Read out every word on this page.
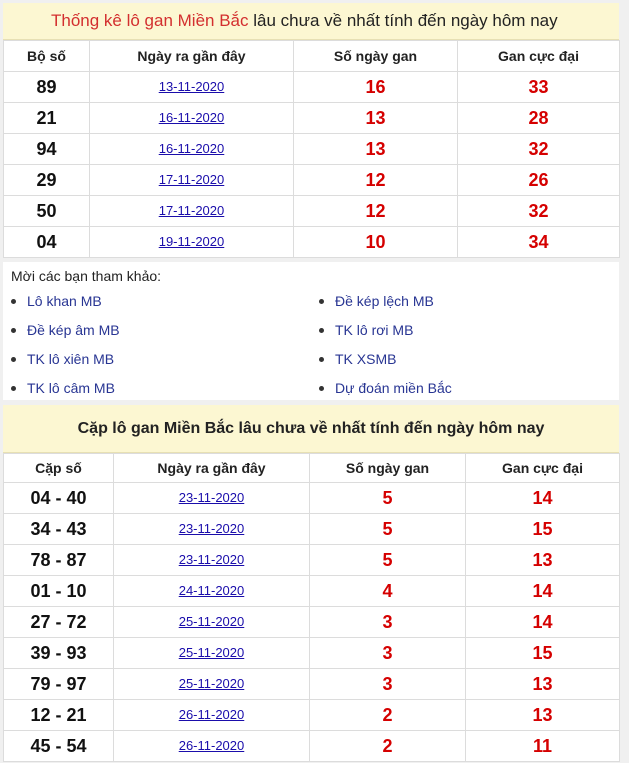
Thống kê lô gan Miền Bắc lâu chưa về nhất tính đến ngày hôm nay
Bộ số	Ngày ra gần đây	Số ngày gan	Gan cực đại
89	13-11-2020	16	33
21	16-11-2020	13	28
94	16-11-2020	13	32
29	17-11-2020	12	26
50	17-11-2020	12	32
04	19-11-2020	10	34
Mời các bạn tham khảo:
Lô khan MB
Đề kép âm MB
TK lô xiên MB
TK lô câm MB
Đề kép lệch MB
TK lô rơi MB
TK XSMB
Dự đoán miền Bắc
Cặp lô gan Miền Bắc lâu chưa về nhất tính đến ngày hôm nay
Cặp số	Ngày ra gần đây	Số ngày gan	Gan cực đại
04 - 40	23-11-2020	5	14
34 - 43	23-11-2020	5	15
78 - 87	23-11-2020	5	13
01 - 10	24-11-2020	4	14
27 - 72	25-11-2020	3	14
39 - 93	25-11-2020	3	15
79 - 97	25-11-2020	3	13
12 - 21	26-11-2020	2	13
45 - 54	26-11-2020	2	11
